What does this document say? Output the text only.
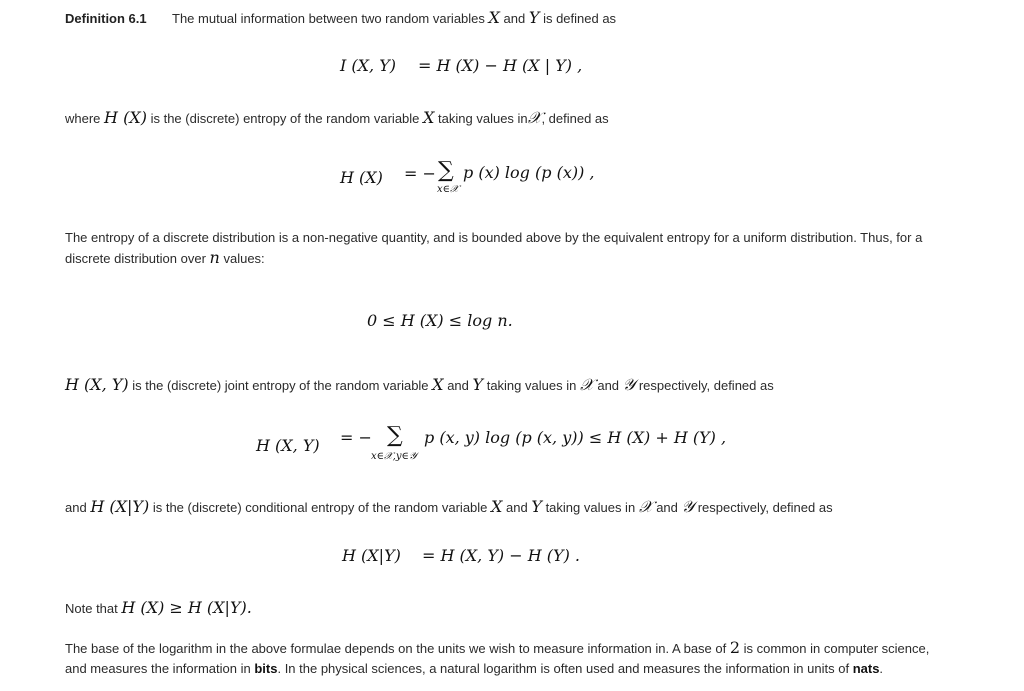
Definition 6.1 The mutual information between two random variables X and Y is defined as
I (X, Y) = H (X) − H (X | Y) ,
where H (X) is the (discrete) entropy of the random variable X taking values in𝒳, defined as
H (X) = − ∑ p (x) log (p (x)) ,
x∈𝒳
The entropy of a discrete distribution is a non-negative quantity, and is bounded above by the equivalent entropy for a uniform distribution. Thus, for a
discrete distribution over n values:
0 ≤ H (X) ≤ log n.
H (X, Y) is the (discrete) joint entropy of the random variable X and Y taking values in 𝒳 and 𝒴 respectively, defined as
H (X, Y) = − ∑ p (x, y) log (p (x, y)) ≤ H (X) + H (Y) ,
x∈𝒳,y∈𝒴
and H (X|Y) is the (discrete) conditional entropy of the random variable X and Y taking values in 𝒳 and 𝒴 respectively, defined as
H (X|Y) = H (X, Y) − H (Y) .
Note that H (X) ≥ H (X|Y).
The base of the logarithm in the above formulae depends on the units we wish to measure information in. A base of 2 is common in computer science,
and measures the information in bits. In the physical sciences, a natural logarithm is often used and measures the information in units of nats.
